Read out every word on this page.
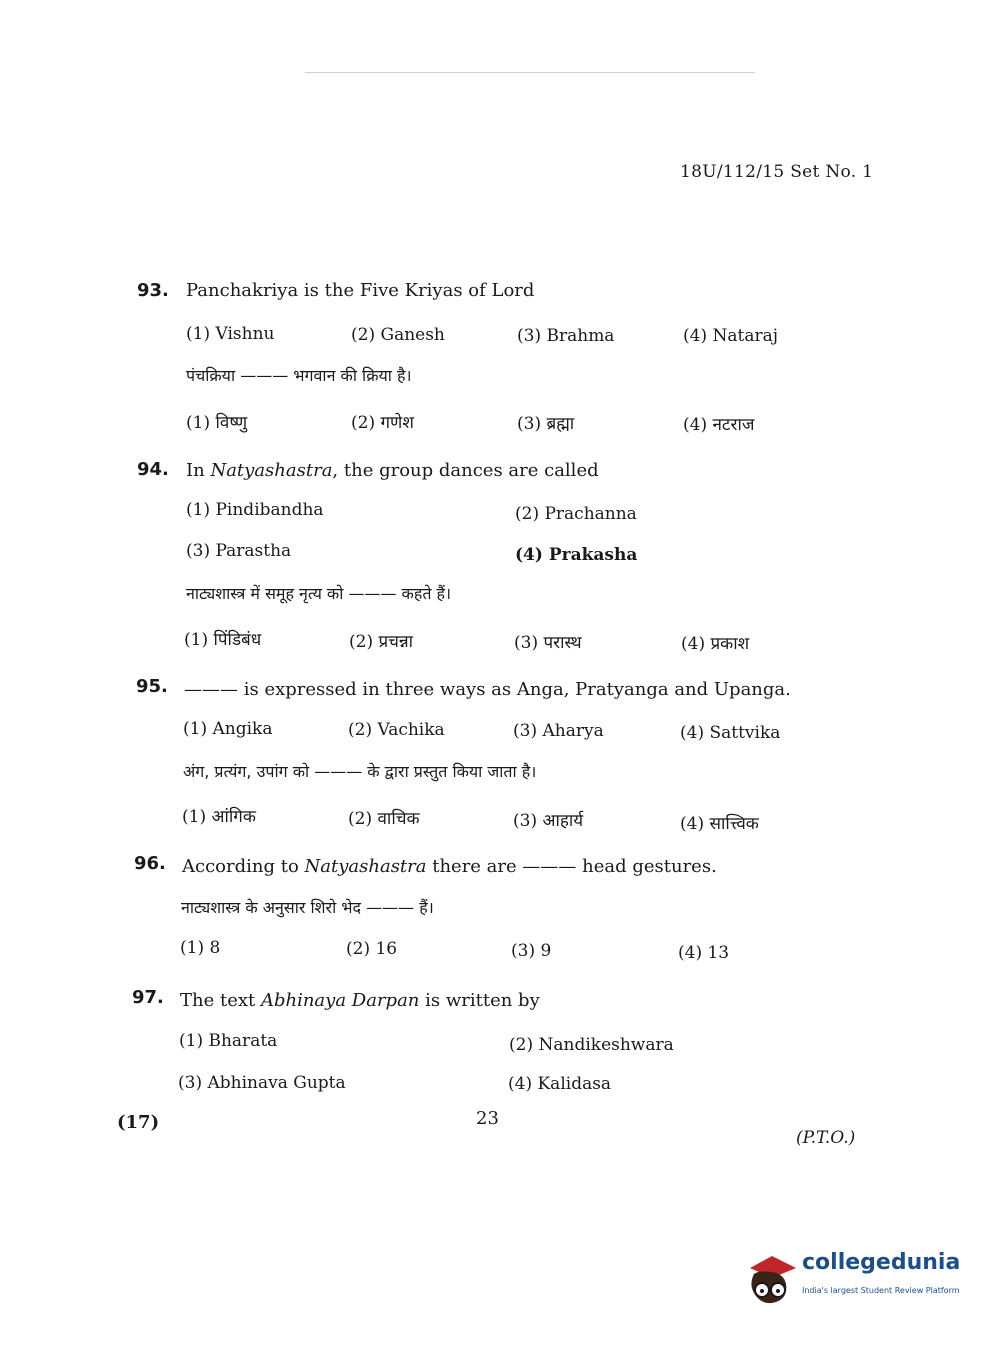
18U/112/15 Set No. 1
93. Panchakriya is the Five Kriyas of Lord
(1) Vishnu	(2) Ganesh	(3) Brahma	(4) Nataraj
पंचक्रिया ——— भगवान की क्रिया है।
(1) विष्णु	(2) गणेश	(3) ब्रह्मा	(4) नटराज
94. In Natyashastra, the group dances are called
(1) Pindibandha	(2) Prachanna
(3) Parastha	(4) Prakasha
नाट्यशास्त्र में समूह नृत्य को ——— कहते हैं।
(1) पिंडिबंध	(2) प्रचन्ना	(3) परास्थ	(4) प्रकाश
95. ——— is expressed in three ways as Anga, Pratyanga and Upanga.
(1) Angika	(2) Vachika	(3) Aharya	(4) Sattvika
अंग, प्रत्यंग, उपांग को ——— के द्वारा प्रस्तुत किया जाता है।
(1) आंगिक	(2) वाचिक	(3) आहार्य	(4) सात्त्विक
96. According to Natyashastra there are ——— head gestures.
नाट्यशास्त्र के अनुसार शिरो भेद ——— हैं।
(1) 8	(2) 16	(3) 9	(4) 13
97. The text Abhinaya Darpan is written by
(1) Bharata	(2) Nandikeshwara
(3) Abhinava Gupta	(4) Kalidasa
(17)	23
(P.T.O.)
collegedunia
India's largest Student Review Platform
